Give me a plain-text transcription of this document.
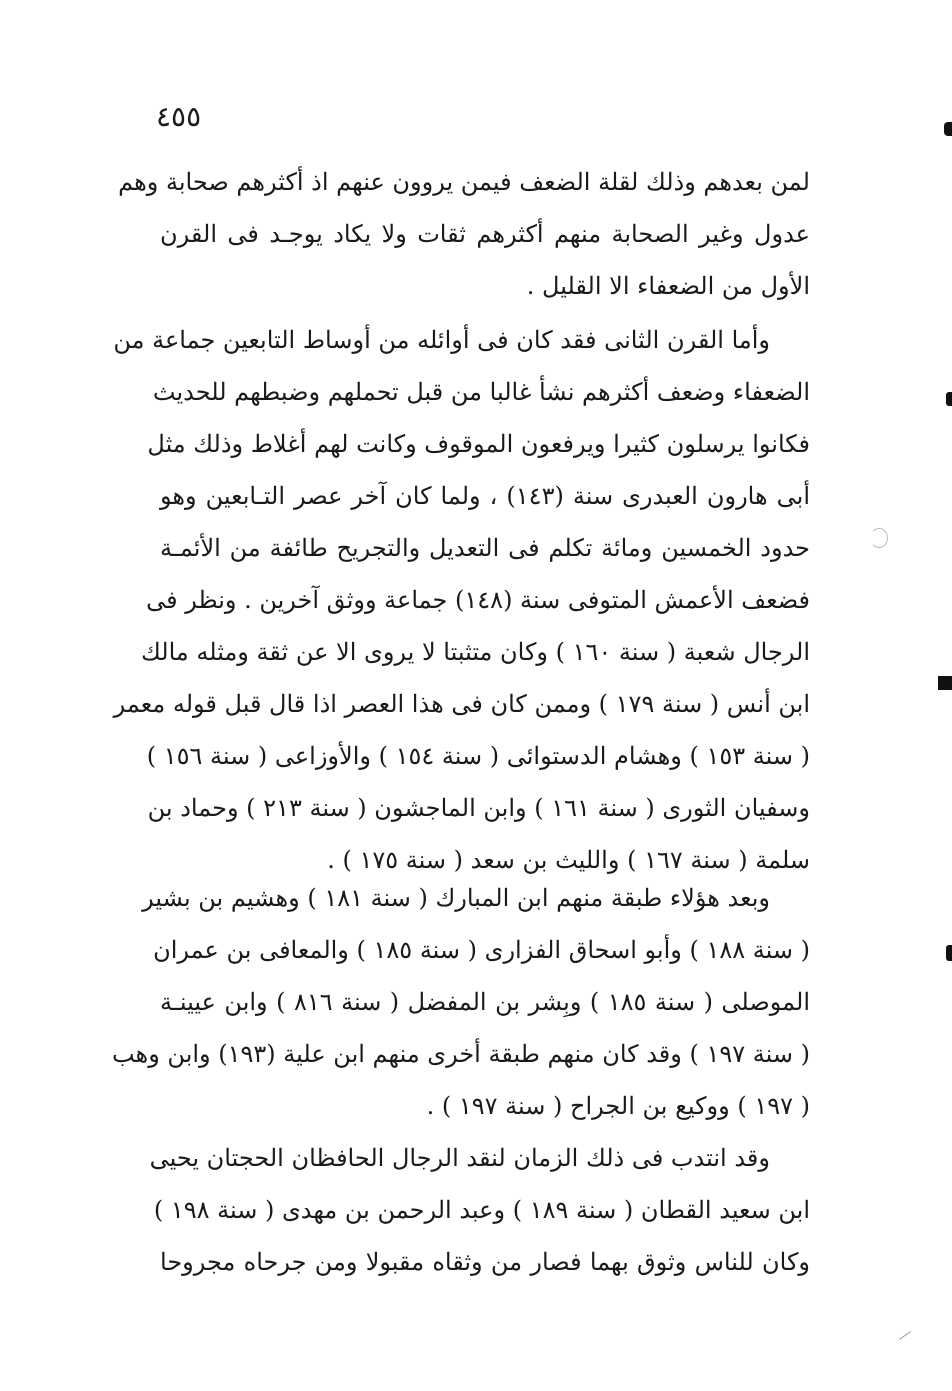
٤٥٥
لمن بعدهم وذلك لقلة الضعف فيمن يروون عنهم اذ أكثرهم صحابة وهم
عدول وغير الصحابة منهم أكثرهم ثقات ولا يكاد يوجـد فى القرن
الأول من الضعفاء الا القليل .
وأما القرن الثانى فقد كان فى أوائله من أوساط التابعين جماعة من
الضعفاء وضعف أكثرهم نشأ غالبا من قبل تحملهم وضبطهم للحديث
فكانوا يرسلون كثيرا ويرفعون الموقوف وكانت لهم أغلاط وذلك مثل
أبى هارون العبدرى سنة (١٤٣) ، ولما كان آخر عصر التـابعين وهو
حدود الخمسين ومائة تكلم فى التعديل والتجريح طائفة من الأئمـة
فضعف الأعمش المتوفى سنة (١٤٨) جماعة ووثق آخرين . ونظر فى
الرجال شعبة ( سنة ١٦٠ ) وكان متثبتا لا يروى الا عن ثقة ومثله مالك
ابن أنس ( سنة ١٧٩ ) وممن كان فى هذا العصر اذا قال قبل قوله معمر
( سنة ١٥٣ ) وهشام الدستوائى ( سنة ١٥٤ ) والأوزاعى ( سنة ١٥٦ )
وسفيان الثورى ( سنة ١٦١ ) وابن الماجشون ( سنة ٢١٣ ) وحماد بن
سلمة ( سنة ١٦٧ ) والليث بن سعد ( سنة ١٧٥ ) .
وبعد هؤلاء طبقة منهم ابن المبارك ( سنة ١٨١ ) وهشيم بن بشير
( سنة ١٨٨ ) وأبو اسحاق الفزارى ( سنة ١٨٥ ) والمعافى بن عمران
الموصلى ( سنة ١٨٥ ) وبِشر بن المفضل ( سنة ٨١٦ ) وابن عيينـة
( سنة ١٩٧ ) وقد كان منهم طبقة أخرى منهم ابن علية (١٩٣) وابن وهب
( ١٩٧ ) ووكيع بن الجراح ( سنة ١٩٧ ) .
وقد انتدب فى ذلك الزمان لنقد الرجال الحافظان الحجتان يحيى
ابن سعيد القطان ( سنة ١٨٩ ) وعبد الرحمن بن مهدى ( سنة ١٩٨ )
وكان للناس وثوق بهما فصار من وثقاه مقبولا ومن جرحاه مجروحا
